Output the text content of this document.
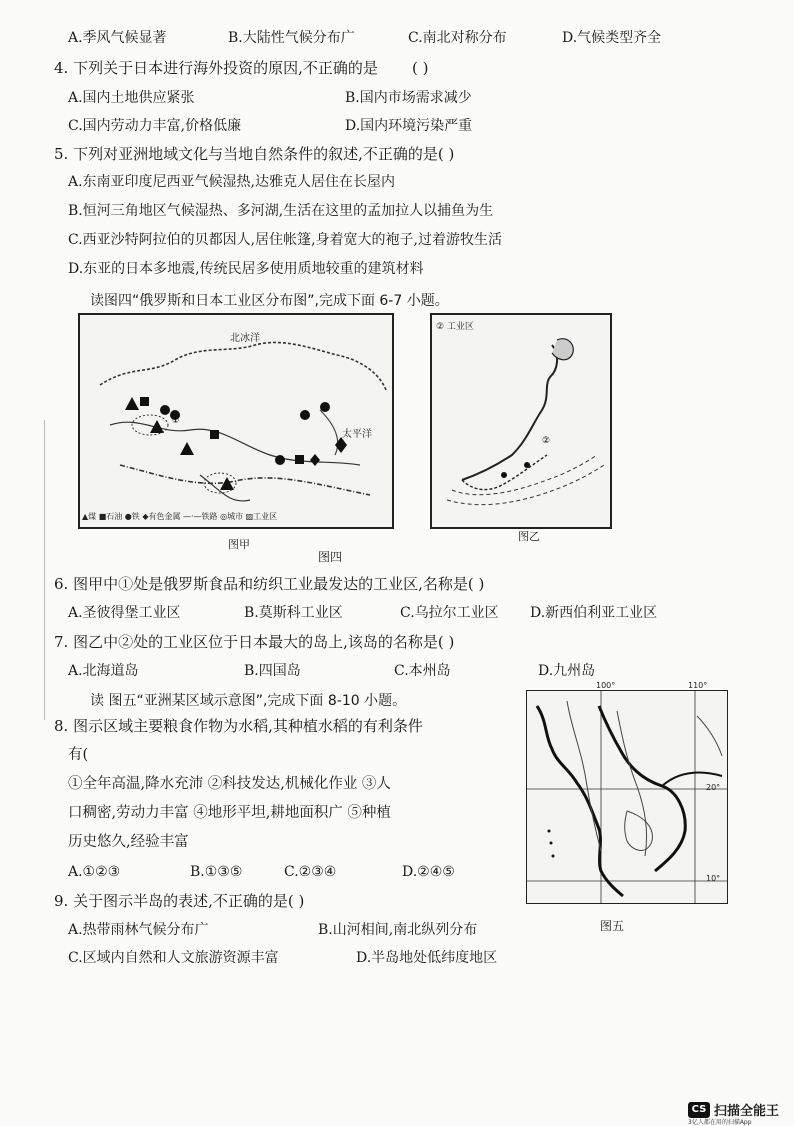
A.季风气候显著	B.大陆性气候分布广	C.南北对称分布	D.气候类型齐全
4. 下列关于日本进行海外投资的原因,不正确的是 ( )
A.国内土地供应紧张	B.国内市场需求减少
C.国内劳动力丰富,价格低廉	D.国内环境污染严重
5. 下列对亚洲地域文化与当地自然条件的叙述,不正确的是( )
A.东南亚印度尼西亚气候湿热,达雅克人居住在长屋内
B.恒河三角地区气候湿热、多河湖,生活在这里的孟加拉人以捕鱼为生
C.西亚沙特阿拉伯的贝都因人,居住帐篷,身着宽大的袍子,过着游牧生活
D.东亚的日本多地震,传统民居多使用质地较重的建筑材料
读图四“俄罗斯和日本工业区分布图”,完成下面 6-7 小题。
①
北冰洋
太平洋
▲煤 ■石油 ●铁 ◆有色金属 —·—铁路 ◎城市 ▨工业区
图甲
②
② 工业区
图乙
图四
6. 图甲中①处是俄罗斯食品和纺织工业最发达的工业区,名称是( )
A.圣彼得堡工业区	B.莫斯科工业区	C.乌拉尔工业区 D.新西伯利亚工业区
7. 图乙中②处的工业区位于日本最大的岛上,该岛的名称是( )
A.北海道岛	B.四国岛	C.本州岛	D.九州岛
读 图五“亚洲某区域示意图”,完成下面 8-10 小题。
100°	110°
20°
10°
图五
8. 图示区域主要粮食作物为水稻,其种植水稻的有利条件
有(
①全年高温,降水充沛 ②科技发达,机械化作业 ③人
口稠密,劳动力丰富 ④地形平坦,耕地面积广 ⑤种植
历史悠久,经验丰富
A.①②③	B.①③⑤	C.②③④	D.②④⑤
9. 关于图示半岛的表述,不正确的是( )
A.热带雨林气候分布广	B.山河相间,南北纵列分布
C.区域内自然和人文旅游资源丰富	D.半岛地处低纬度地区
CS 扫描全能王
3亿人都在用的扫描App
